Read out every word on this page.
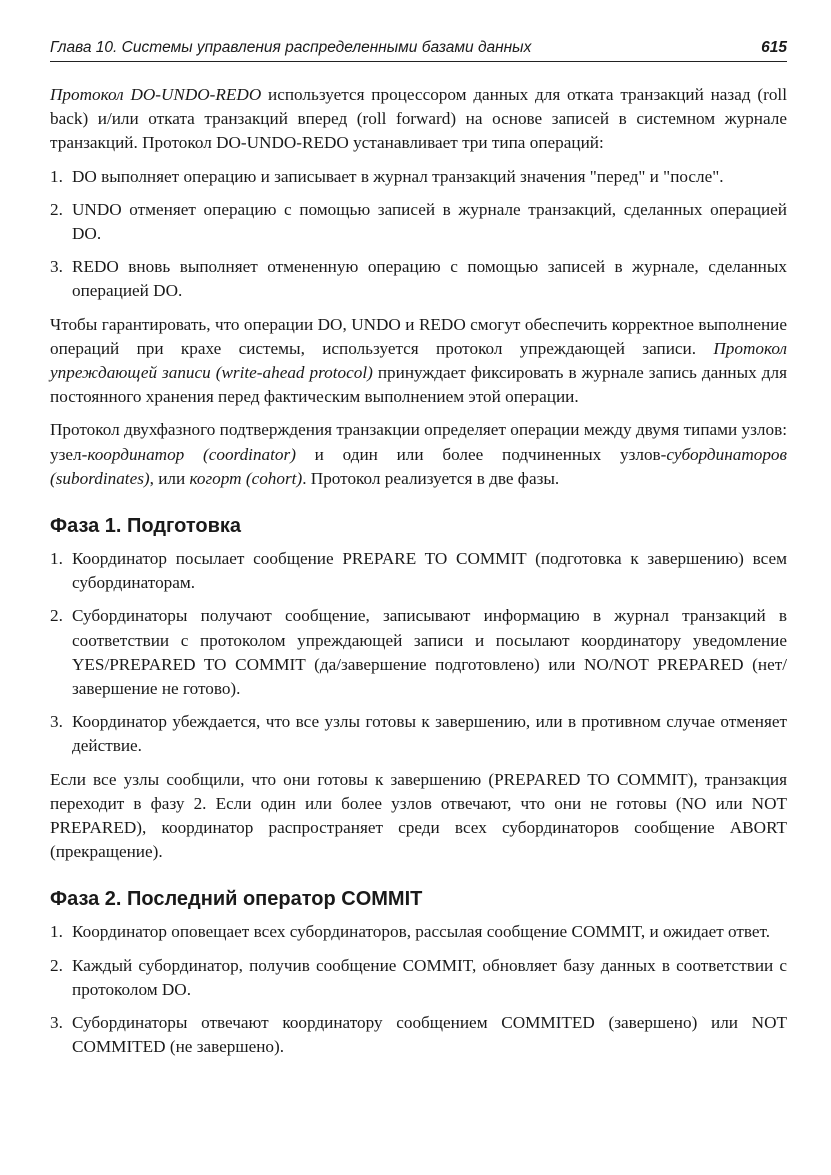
Глава 10. Системы управления распределенными базами данных	615

Протокол DO-UNDO-REDO используется процессором данных для отката транзакций назад (roll back) и/или отката транзакций вперед (roll forward) на основе записей в системном журнале транзакций. Протокол DO-UNDO-REDO устанавливает три типа операций:

1. DO выполняет операцию и записывает в журнал транзакций значения "перед" и "после".
2. UNDO отменяет операцию с помощью записей в журнале транзакций, сделанных операцией DO.
3. REDO вновь выполняет отмененную операцию с помощью записей в журнале, сделанных операцией DO.

Чтобы гарантировать, что операции DO, UNDO и REDO смогут обеспечить корректное выполнение операций при крахе системы, используется протокол упреждающей записи. Протокол упреждающей записи (write-ahead protocol) принуждает фиксировать в журнале запись данных для постоянного хранения перед фактическим выполнением этой операции.

Протокол двухфазного подтверждения транзакции определяет операции между двумя типами узлов: узел-координатор (coordinator) и один или более подчиненных узлов-субординаторов (subordinates), или когорт (cohort). Протокол реализуется в две фазы.

Фаза 1. Подготовка
1. Координатор посылает сообщение PREPARE TO COMMIT (подготовка к завершению) всем субординаторам.
2. Субординаторы получают сообщение, записывают информацию в журнал транзакций в соответствии с протоколом упреждающей записи и посылают координатору уведомление YES/PREPARED TO COMMIT (да/завершение подготовлено) или NO/NOT PREPARED (нет/завершение не готово).
3. Координатор убеждается, что все узлы готовы к завершению, или в противном случае отменяет действие.

Если все узлы сообщили, что они готовы к завершению (PREPARED TO COMMIT), транзакция переходит в фазу 2. Если один или более узлов отвечают, что они не готовы (NO или NOT PREPARED), координатор распространяет среди всех субординаторов сообщение ABORT (прекращение).

Фаза 2. Последний оператор COMMIT
1. Координатор оповещает всех субординаторов, рассылая сообщение COMMIT, и ожидает ответ.
2. Каждый субординатор, получив сообщение COMMIT, обновляет базу данных в соответствии с протоколом DO.
3. Субординаторы отвечают координатору сообщением COMMITED (завершено) или NOT COMMITED (не завершено).
